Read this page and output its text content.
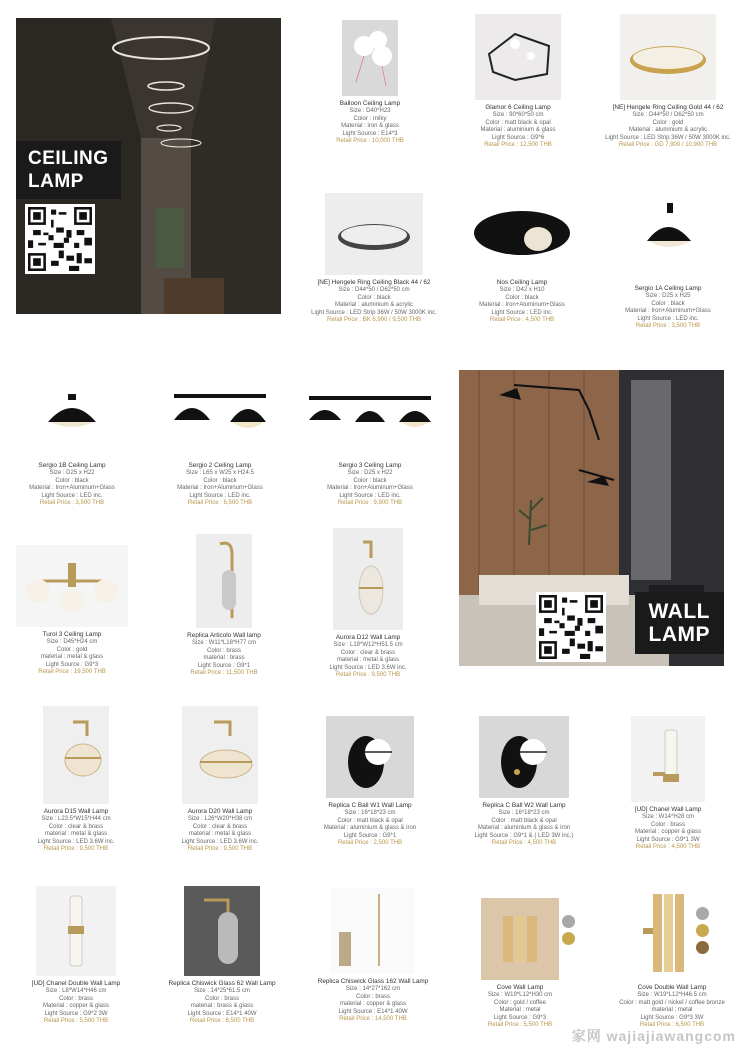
CEILING
LAMP
WALL
LAMP
Balloon Ceiling Lamp
Size : D40*H23
Color : milky
Material : iron & glass
Light Source : E14*3
Retail Price : 10,000 THB
Glamor 6 Ceiling Lamp
Size : 90*60*50 cm
Color : matt black & opal
Material : aluminium & glass
Light Source : G9*6
Retail Price : 12,500 THB
[NE] Hengele Ring Ceiling Gold 44 / 62
Size : D44*50 / D62*50 cm
Color : gold
Material : aluminium & acrylic
Light Source : LED Strip 36W / 50W 3000K inc.
Retail Price : GD 7,900 / 10,900 THB
[NE] Hengele Ring Ceiling Black 44 / 62
Size : D44*50 / D62*50 cm
Color : black
Material : aluminium & acrylic
Light Source : LED Strip 36W / 50W 3000K inc.
Retail Price : BK 6,900 / 9,500 THB
Nos Ceiling Lamp
Size : D42 x H10
Color : black
Material : Iron+Aluminum+Glass
Light Source : LED inc.
Retail Price : 4,500 THB
Sergio 1A Ceiling Lamp
Size : D25 x H25
Color : black
Material : Iron+Aluminum+Glass
Light Source : LED inc.
Retail Price : 3,500 THB
Sergio 1B Ceiling Lamp
Size : D25 x H22
Color : black
Material : Iron+Aluminum+Glass
Light Source : LED inc.
Retail Price : 3,500 THB
Sergio 2 Ceiling Lamp
Size : L65 x W25 x H24.5
Color : black
Material : Iron+Aluminum+Glass
Light Source : LED inc.
Retail Price : 6,500 THB
Sergio 3 Ceiling Lamp
Size : D25 x H22
Color : black
Material : Iron+Aluminum+Glass
Light Source : LED inc.
Retail Price : 9,900 THB
Turol 3 Ceiling Lamp
Size : D45*H24 cm
Color : gold
material : metal & glass
Light Source : G9*3
Retail Price : 19,500 THB
Replica Articolo Wall lamp
Size : W11*L18*H77 cm
Color : brass
material : brass
Light Source : G9*1
Retail Price : 11,500 THB
Aurora D12 Wall Lamp
Size : L19*W12*H51.5 cm
Color : clear & brass
material : metal & glass
Light Source : LED 3.6W inc.
Retail Price : 9,500 THB
Aurora D15 Wall Lamp
Size : L23.5*W15*H44 cm
Color : clear & brass
material : metal & glass
Light Source : LED 3.6W inc.
Retail Price : 9,500 THB
Aurora D20 Wall Lamp
Size : L26*W20*H38 cm
Color : clear & brass
material : metal & glass
Light Source : LED 3.6W inc.
Retail Price : 9,500 THB
Replica C Ball W1 Wall Lamp
Size : 16*18*23 cm
Color : matt black & opal
Material : aluminium & glass & iron
Light Source : G9*1
Retail Price : 2,500 THB
Replica C Ball W2 Wall Lamp
Size : 16*18*23 cm
Color : matt black & opal
Material : aluminium & glass & iron
Light Source : G9*1 & ( LED 3W inc.)
Retail Price : 4,500 THB
[UD] Chanel Wall Lamp
Size : W14*H28 cm
Color : brass
Material : copper & glass
Light Source : G9*1 3W
Retail Price : 4,500 THB
[UD] Chanel Double Wall Lamp
Size : L8*W14*H46 cm
Color : brass
Material : copper & glass
Light Source : G9*2 3W
Retail Price : 5,500 THB
Replica Chiswick Glass 62 Wall Lamp
Size : 14*25*61.5 cm
Color : brass
material : brass & glass
Light Source : E14*1 40W
Retail Price : 8,500 THB
Replica Chiswick Glass 162 Wall Lamp
Size : 14*27*162 cm
Color : brass
material : copper & glass
Light Source : E14*1 40W
Retail Price : 14,500 THB
Cove Wall Lamp
Size : W19*L12*H30 cm
Color : gold / coffee
Material : metal
Light Source : G9*3
Retail Price : 5,500 THB
Cove Double Wall Lamp
Size : W19*L12*H46.5 cm
Color : matt gold / nickel / coffee bronze
material : metal
Light Source : G9*3 3W
Retail Price : 6,500 THB
家网 wajiajiawangcom
